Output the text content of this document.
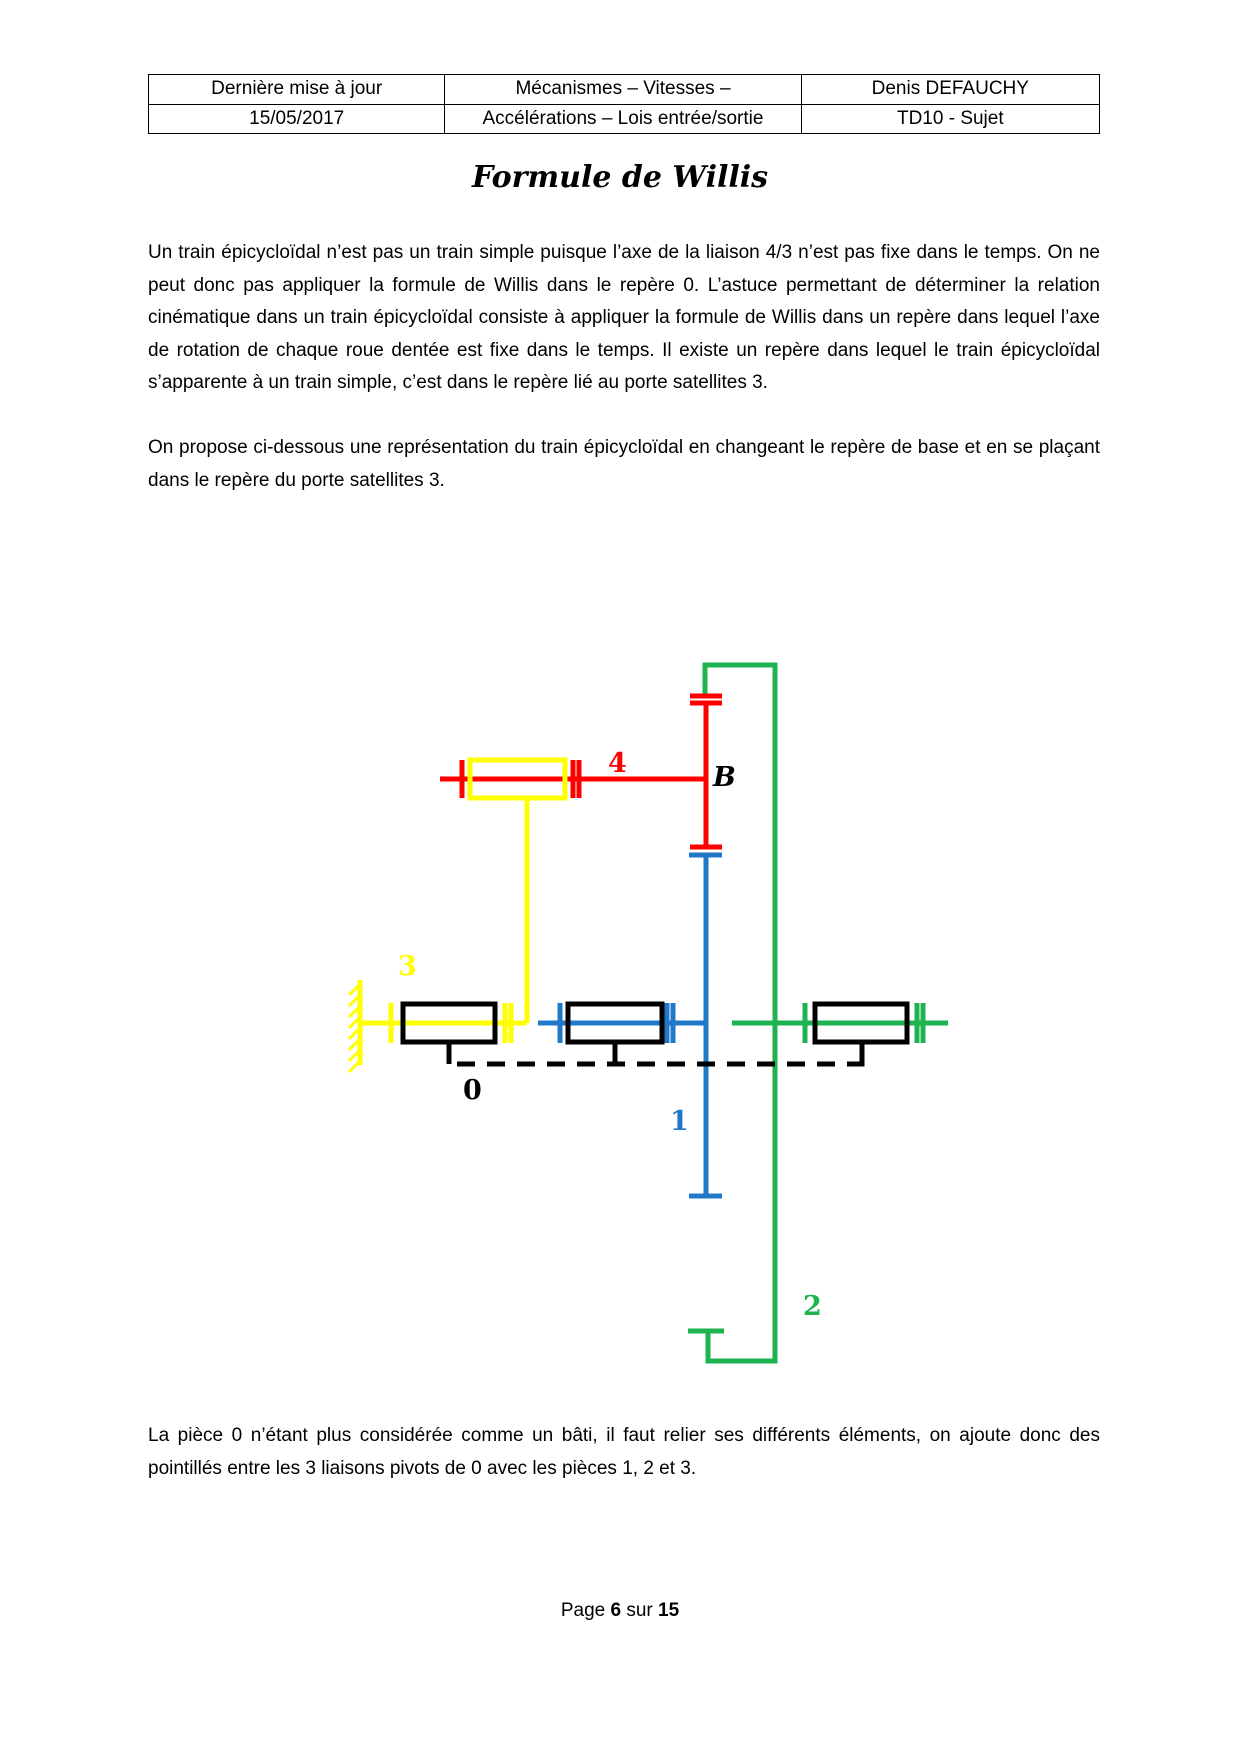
Dernière mise à jour	Mécanismes – Vitesses –	Denis DEFAUCHY
15/05/2017	Accélérations – Lois entrée/sortie	TD10 - Sujet
Formule de Willis

Un train épicycloïdal n’est pas un train simple puisque l’axe de la liaison 4/3 n’est pas fixe dans le temps. On ne peut donc pas appliquer la formule de Willis dans le repère 0. L’astuce permettant de déterminer la relation cinématique dans un train épicycloïdal consiste à appliquer la formule de Willis dans un repère dans lequel l’axe de rotation de chaque roue dentée est fixe dans le temps. Il existe un repère dans lequel le train épicycloïdal s’apparente à un train simple, c’est dans le repère lié au porte satellites 3.

On propose ci-dessous une représentation du train épicycloïdal en changeant le repère de base et en se plaçant dans le repère du porte satellites 3.

3
4	B
0
1
2

La pièce 0 n’étant plus considérée comme un bâti, il faut relier ses différents éléments, on ajoute donc des pointillés entre les 3 liaisons pivots de 0 avec les pièces 1, 2 et 3.

Page 6 sur 15
